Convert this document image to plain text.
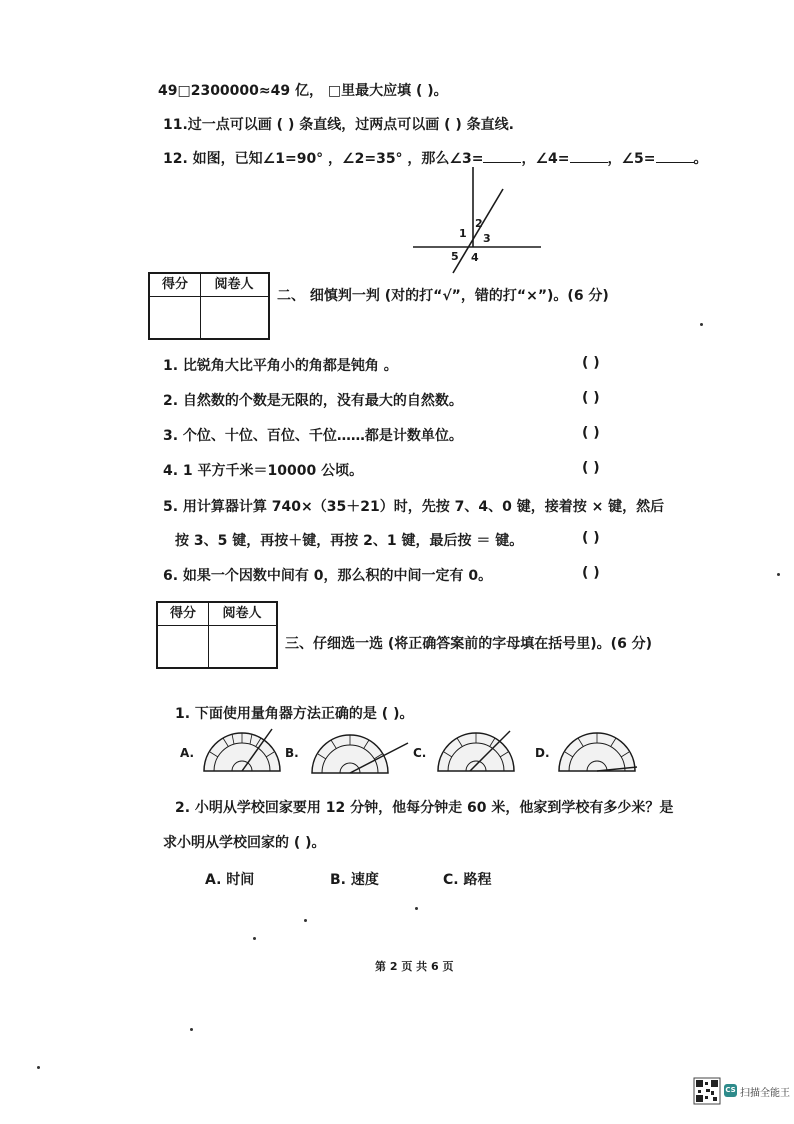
49□2300000≈49 亿， □里最大应填 ( )。
11.过一点可以画 ( ) 条直线，过两点可以画 ( ) 条直线.
12. 如图，已知∠1=90° ，∠2=35° ，那么∠3=	，∠4=	，∠5=	。
1
2
3
5 4
得分	阅卷人
二、 细慎判一判 (对的打“√”，错的打“×”)。(6 分)
1. 比锐角大比平角小的角都是钝角 。	( )
2. 自然数的个数是无限的，没有最大的自然数。	( )
3. 个位、十位、百位、千位……都是计数单位。	( )
4. 1 平方千米＝10000 公顷。	( )
5. 用计算器计算 740×（35＋21）时，先按 7、4、0 键，接着按 × 键，然后
按 3、5 键，再按＋键，再按 2、1 键，最后按 ＝ 键。	( )
6. 如果一个因数中间有 0，那么积的中间一定有 0。	( )
得分	阅卷人
三、仔细选一选 (将正确答案前的字母填在括号里)。(6 分)
1. 下面使用量角器方法正确的是 ( )。
A.	B.	C.	D.
2. 小明从学校回家要用 12 分钟，他每分钟走 60 米，他家到学校有多少米？是
求小明从学校回家的 ( )。
A. 时间	B. 速度	C. 路程
第 2 页 共 6 页
CS 扫描全能王
